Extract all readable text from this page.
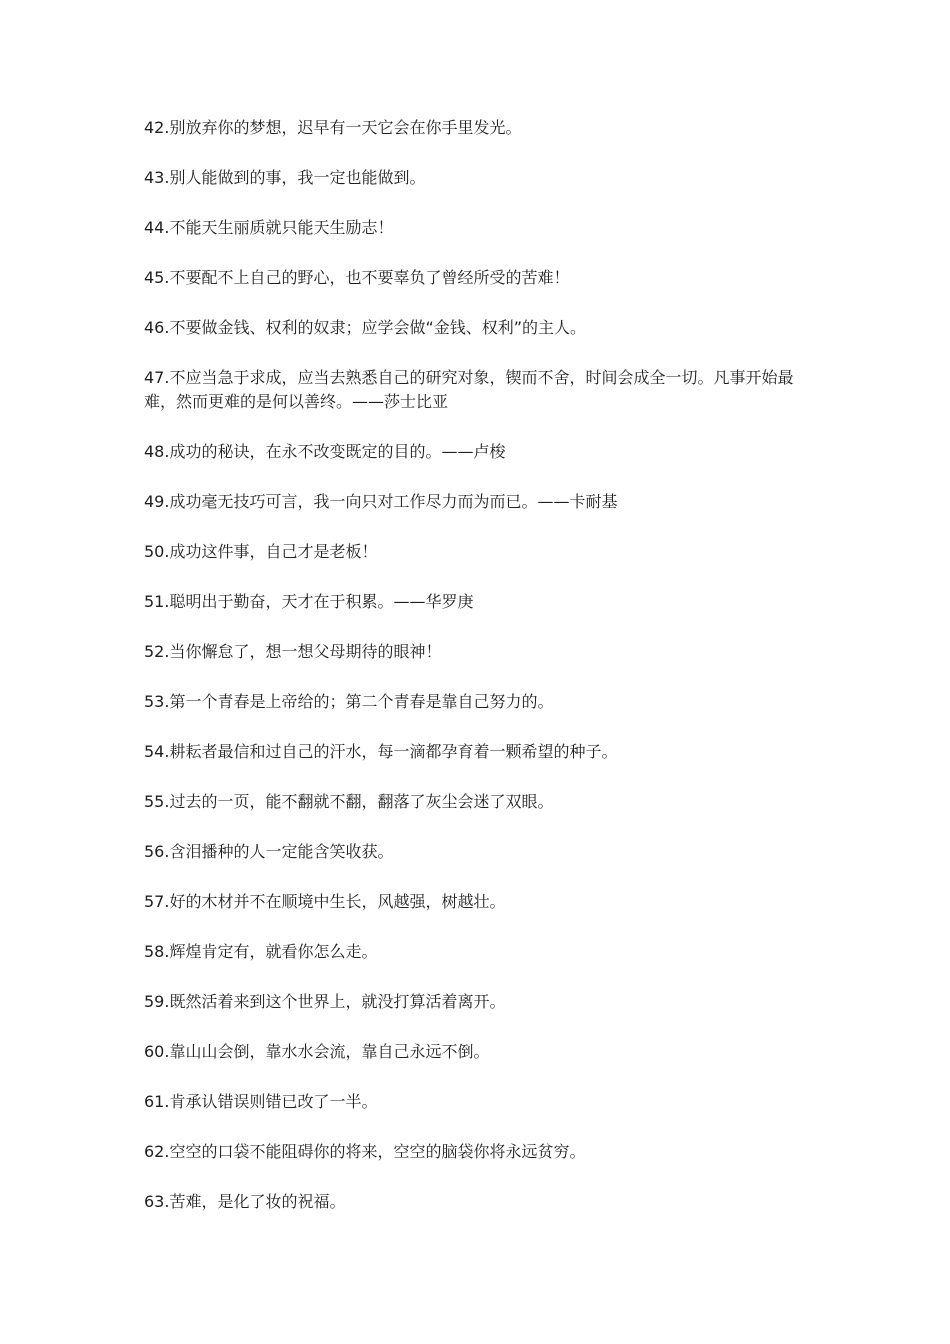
42.别放弃你的梦想，迟早有一天它会在你手里发光。

43.别人能做到的事，我一定也能做到。

44.不能天生丽质就只能天生励志！

45.不要配不上自己的野心，也不要辜负了曾经所受的苦难！

46.不要做金钱、权利的奴隶；应学会做“金钱、权利”的主人。

47.不应当急于求成，应当去熟悉自己的研究对象，锲而不舍，时间会成全一切。凡事开始最难，然而更难的是何以善终。——莎士比亚

48.成功的秘诀，在永不改变既定的目的。——卢梭

49.成功毫无技巧可言，我一向只对工作尽力而为而已。——卡耐基

50.成功这件事，自己才是老板！

51.聪明出于勤奋，天才在于积累。——华罗庚

52.当你懈怠了，想一想父母期待的眼神！

53.第一个青春是上帝给的；第二个青春是靠自己努力的。

54.耕耘者最信和过自己的汗水，每一滴都孕育着一颗希望的种子。

55.过去的一页，能不翻就不翻，翻落了灰尘会迷了双眼。

56.含泪播种的人一定能含笑收获。

57.好的木材并不在顺境中生长，风越强，树越壮。

58.辉煌肯定有，就看你怎么走。

59.既然活着来到这个世界上，就没打算活着离开。

60.靠山山会倒，靠水水会流，靠自己永远不倒。

61.肯承认错误则错已改了一半。

62.空空的口袋不能阻碍你的将来，空空的脑袋你将永远贫穷。

63.苦难，是化了妆的祝福。
